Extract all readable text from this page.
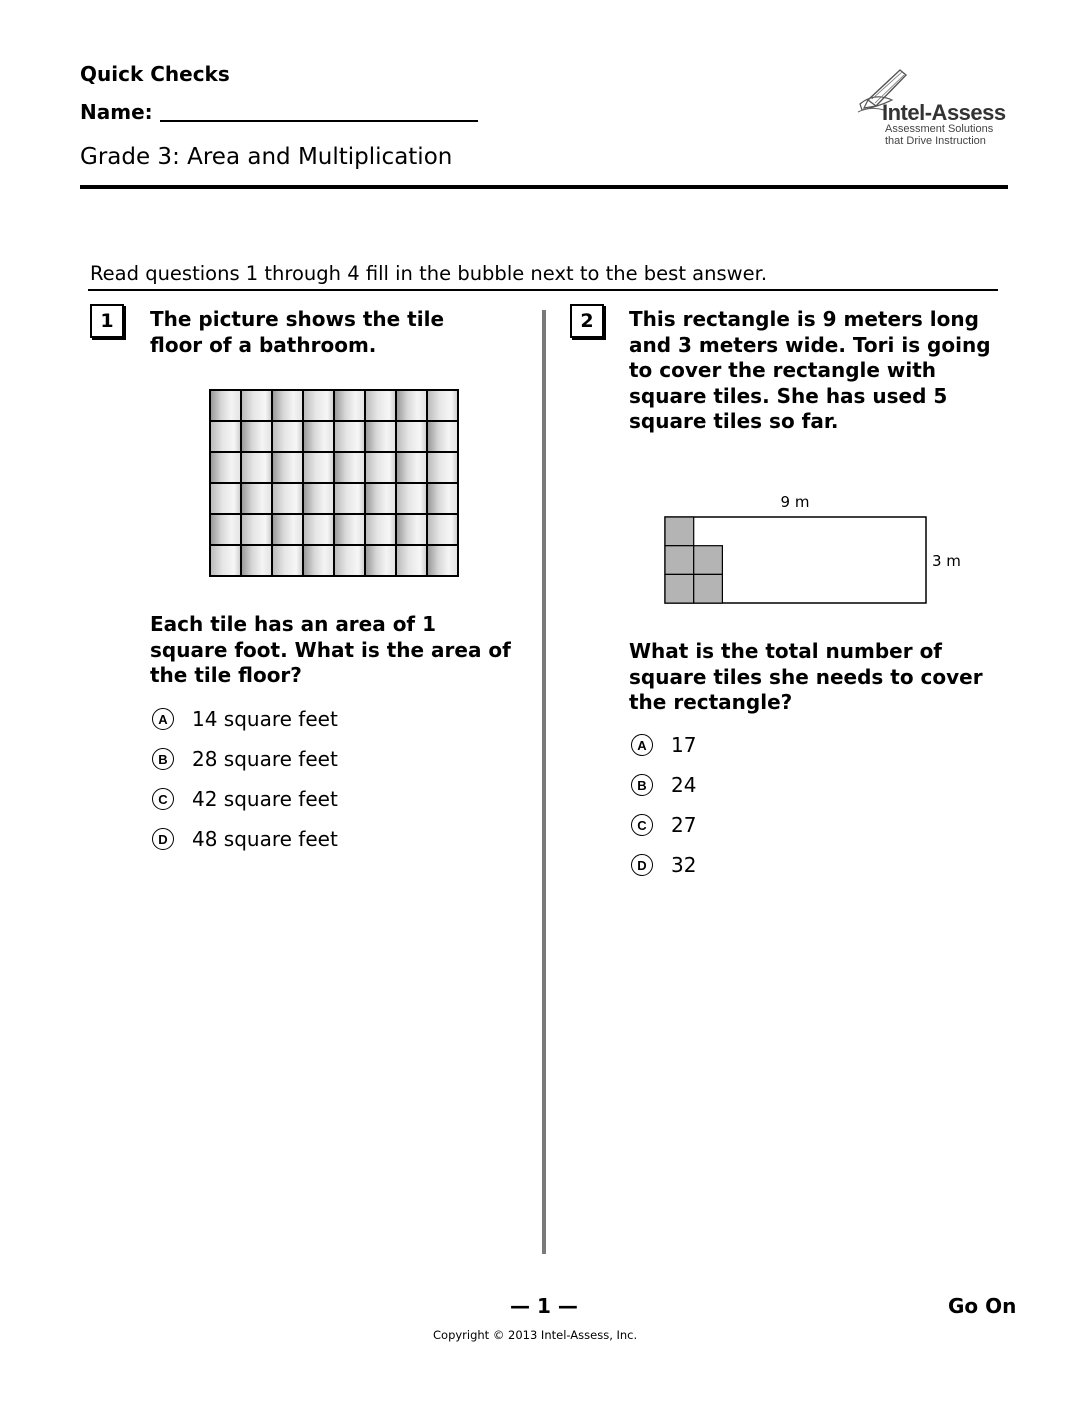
Quick Checks
Name:
Grade 3: Area and Multiplication
Intel-Assess
Assessment Solutions
that Drive Instruction
Read questions 1 through 4 fill in the bubble next to the best answer.
1	The picture shows the tile floor of a bathroom.
Each tile has an area of 1 square foot. What is the area of the tile floor?
A	14 square feet
B	28 square feet
C	42 square feet
D	48 square feet
2	This rectangle is 9 meters long and 3 meters wide. Tori is going to cover the rectangle with square tiles. She has used 5 square tiles so far.
9 m
3 m
What is the total number of square tiles she needs to cover the rectangle?
A	17
B	24
C	27
D	32
— 1 —	Go On
Copyright © 2013 Intel-Assess, Inc.
